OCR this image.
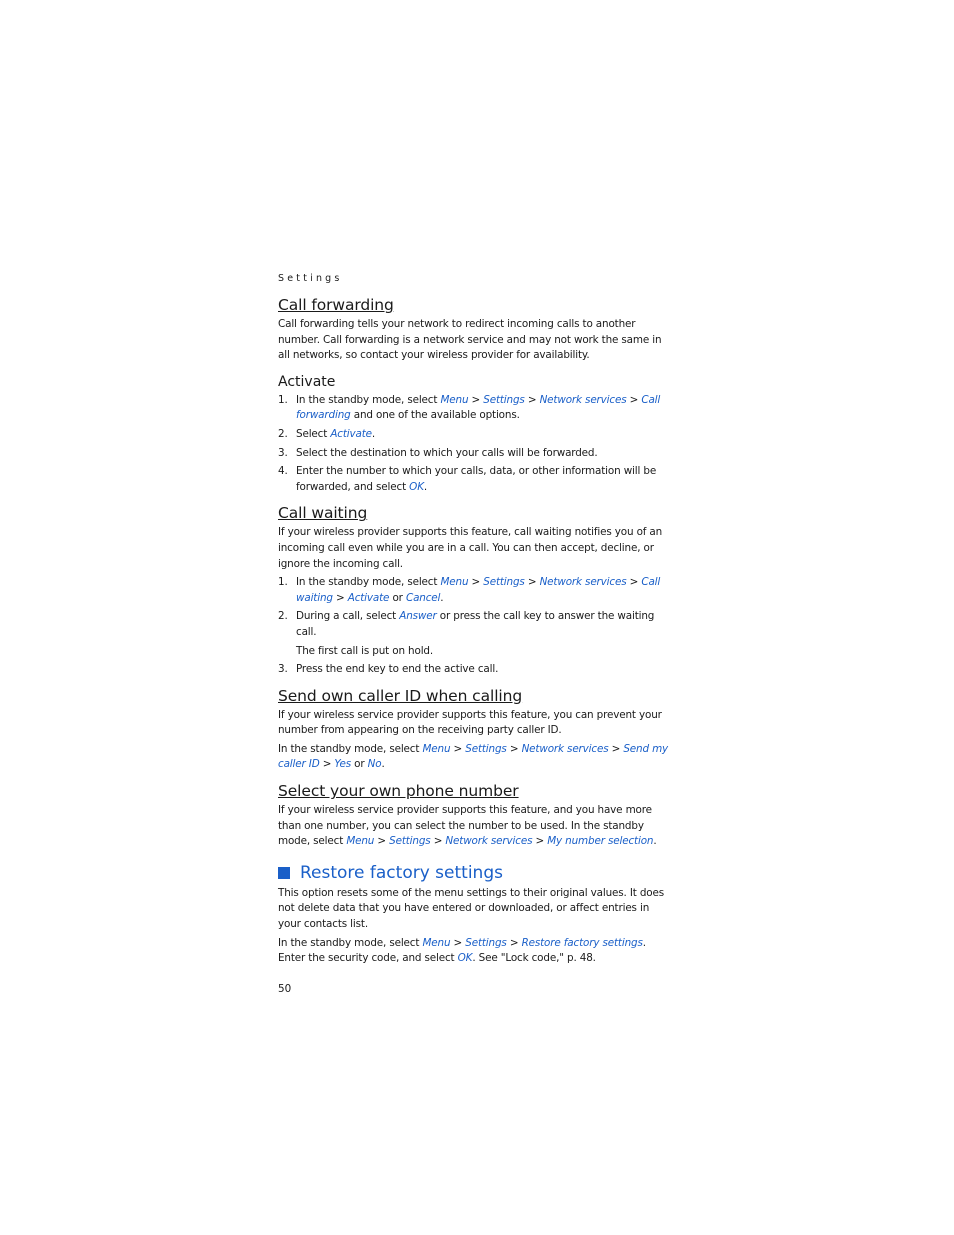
Settings
Call forwarding

Call forwarding tells your network to redirect incoming calls to another number. Call forwarding is a network service and may not work the same in all networks, so contact your wireless provider for availability.

Activate
1. In the standby mode, select Menu > Settings > Network services > Call forwarding and one of the available options.
2. Select Activate.
3. Select the destination to which your calls will be forwarded.
4. Enter the number to which your calls, data, or other information will be forwarded, and select OK.
Call waiting

If your wireless provider supports this feature, call waiting notifies you of an incoming call even while you are in a call. You can then accept, decline, or ignore the incoming call.

1. In the standby mode, select Menu > Settings > Network services > Call waiting > Activate or Cancel.
2. During a call, select Answer or press the call key to answer the waiting call.
The first call is put on hold.
3. Press the end key to end the active call.
Send own caller ID when calling

If your wireless service provider supports this feature, you can prevent your number from appearing on the receiving party caller ID.

In the standby mode, select Menu > Settings > Network services > Send my caller ID > Yes or No.

Select your own phone number

If your wireless service provider supports this feature, and you have more than one number, you can select the number to be used. In the standby mode, select Menu > Settings > Network services > My number selection.

Restore factory settings

This option resets some of the menu settings to their original values. It does not delete data that you have entered or downloaded, or affect entries in your contacts list.

In the standby mode, select Menu > Settings > Restore factory settings. Enter the security code, and select OK. See "Lock code," p. 48.

50
